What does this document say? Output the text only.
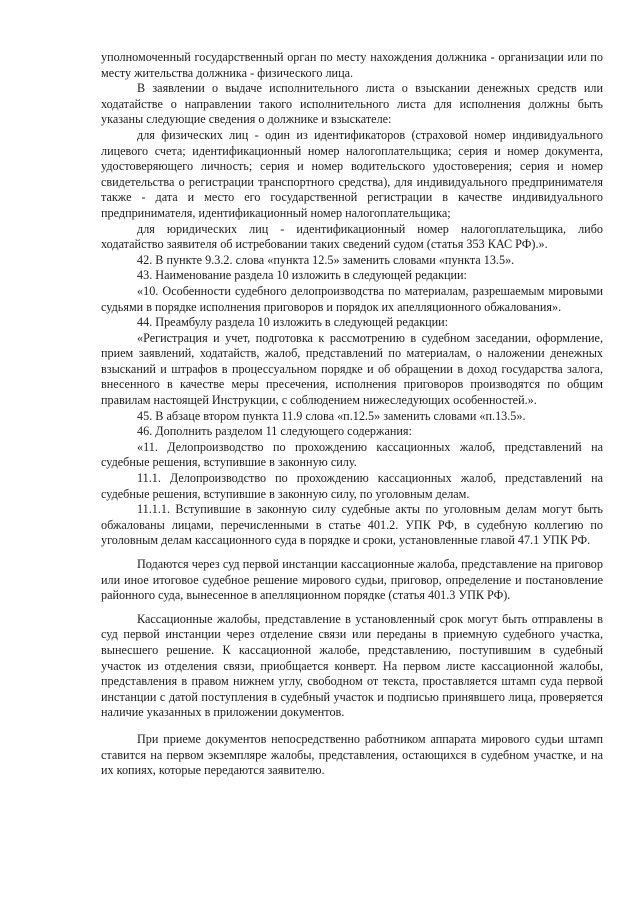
уполномоченный государственный орган по месту нахождения должника - организации или по месту жительства должника - физического лица.

В заявлении о выдаче исполнительного листа о взыскании денежных средств или ходатайстве о направлении такого исполнительного листа для исполнения должны быть указаны следующие сведения о должнике и взыскателе:

для физических лиц - один из идентификаторов (страховой номер индивидуального лицевого счета; идентификационный номер налогоплательщика; серия и номер документа, удостоверяющего личность; серия и номер водительского удостоверения; серия и номер свидетельства о регистрации транспортного средства), для индивидуального предпринимателя также - дата и место его государственной регистрации в качестве индивидуального предпринимателя, идентификационный номер налогоплательщика;

для юридических лиц - идентификационный номер налогоплательщика, либо ходатайство заявителя об истребовании таких сведений судом (статья 353 КАС РФ).».

42. В пункте 9.3.2. слова «пункта 12.5» заменить словами «пункта 13.5».

43. Наименование раздела 10 изложить в следующей редакции:

«10. Особенности судебного делопроизводства по материалам, разрешаемым мировыми судьями в порядке исполнения приговоров и порядок их апелляционного обжалования».

44. Преамбулу раздела 10 изложить в следующей редакции:

«Регистрация и учет, подготовка к рассмотрению в судебном заседании, оформление, прием заявлений, ходатайств, жалоб, представлений по материалам, о наложении денежных взысканий и штрафов в процессуальном порядке и об обращении в доход государства залога, внесенного в качестве меры пресечения, исполнения приговоров производятся по общим правилам настоящей Инструкции, с соблюдением нижеследующих особенностей.».

45. В абзаце втором пункта 11.9 слова «п.12.5» заменить словами «п.13.5».

46. Дополнить разделом 11 следующего содержания:

«11. Делопроизводство по прохождению кассационных жалоб, представлений на судебные решения, вступившие в законную силу.

11.1. Делопроизводство по прохождению кассационных жалоб, представлений на судебные решения, вступившие в законную силу, по уголовным делам.

11.1.1. Вступившие в законную силу судебные акты по уголовным делам могут быть обжалованы лицами, перечисленными в статье 401.2. УПК РФ, в судебную коллегию по уголовным делам кассационного суда в порядке и сроки, установленные главой 47.1 УПК РФ.

Подаются через суд первой инстанции кассационные жалоба, представление на приговор или иное итоговое судебное решение мирового судьи, приговор, определение и постановление районного суда, вынесенное в апелляционном порядке (статья 401.3 УПК РФ).

Кассационные жалобы, представление в установленный срок могут быть отправлены в суд первой инстанции через отделение связи или переданы в приемную судебного участка, вынесшего решение. К кассационной жалобе, представлению, поступившим в судебный участок из отделения связи, приобщается конверт. На первом листе кассационной жалобы, представления в правом нижнем углу, свободном от текста, проставляется штамп суда первой инстанции с датой поступления в судебный участок и подписью принявшего лица, проверяется наличие указанных в приложении документов.

При приеме документов непосредственно работником аппарата мирового судьи штамп ставится на первом экземпляре жалобы, представления, остающихся в судебном участке, и на их копиях, которые передаются заявителю.
